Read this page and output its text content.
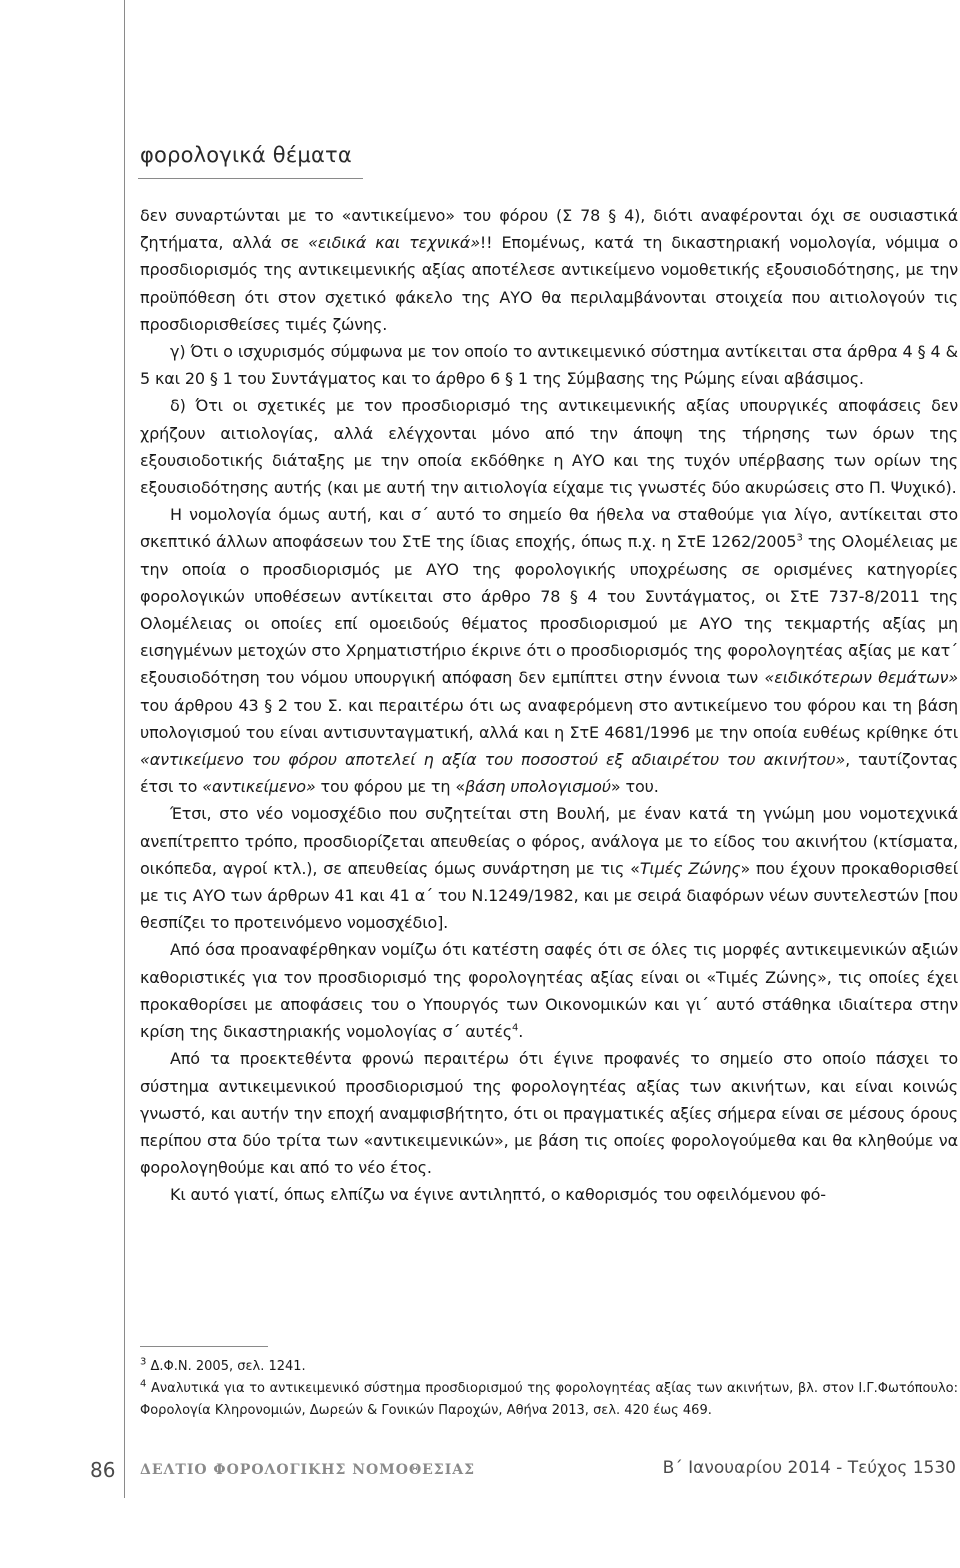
φορολογικά θέματα

δεν συναρτώνται με το «αντικείμενο» του φόρου (Σ 78 § 4), διότι αναφέρονται όχι σε ουσιαστικά ζητήματα, αλλά σε «ειδικά και τεχνικά»!! Επομένως, κατά τη δικαστηριακή νομολογία, νόμιμα ο προσδιορισμός της αντικειμενικής αξίας αποτέλεσε αντικείμενο νομοθετικής εξουσιοδότησης, με την προϋπόθεση ότι στον σχετικό φάκελο της ΑΥΟ θα περιλαμβάνονται στοιχεία που αιτιολογούν τις προσδιορισθείσες τιμές ζώνης.

γ) Ότι ο ισχυρισμός σύμφωνα με τον οποίο το αντικειμενικό σύστημα αντίκειται στα άρθρα 4 § 4 & 5 και 20 § 1 του Συντάγματος και το άρθρο 6 § 1 της Σύμβασης της Ρώμης είναι αβάσιμος.

δ) Ότι οι σχετικές με τον προσδιορισμό της αντικειμενικής αξίας υπουργικές αποφάσεις δεν χρήζουν αιτιολογίας, αλλά ελέγχονται μόνο από την άποψη της τήρησης των όρων της εξουσιοδοτικής διάταξης με την οποία εκδόθηκε η ΑΥΟ και της τυχόν υπέρβασης των ορίων της εξουσιοδότησης αυτής (και με αυτή την αιτιολογία είχαμε τις γνωστές δύο ακυρώσεις στο Π. Ψυχικό).

Η νομολογία όμως αυτή, και σ΄ αυτό το σημείο θα ήθελα να σταθούμε για λίγο, αντίκειται στο σκεπτικό άλλων αποφάσεων του ΣτΕ της ίδιας εποχής, όπως π.χ. η ΣτΕ 1262/2005$^3$ της Ολομέλειας με την οποία ο προσδιορισμός με ΑΥΟ της φορολογικής υποχρέωσης σε ορισμένες κατηγορίες φορολογικών υποθέσεων αντίκειται στο άρθρο 78 § 4 του Συντάγματος, οι ΣτΕ 737-8/2011 της Ολομέλειας οι οποίες επί ομοειδούς θέματος προσδιορισμού με ΑΥΟ της τεκμαρτής αξίας μη εισηγμένων μετοχών στο Χρηματιστήριο έκρινε ότι ο προσδιορισμός της φορολογητέας αξίας με κατ΄ εξουσιοδότηση του νόμου υπουργική απόφαση δεν εμπίπτει στην έννοια των «ειδικότερων θεμάτων» του άρθρου 43 § 2 του Σ. και περαιτέρω ότι ως αναφερόμενη στο αντικείμενο του φόρου και τη βάση υπολογισμού του είναι αντισυνταγματική, αλλά και η ΣτΕ 4681/1996 με την οποία ευθέως κρίθηκε ότι «αντικείμενο του φόρου αποτελεί η αξία του ποσοστού εξ αδιαιρέτου του ακινήτου», ταυτίζοντας έτσι το «αντικείμενο» του φόρου με τη «βάση υπολογισμού» του.

Έτσι, στο νέο νομοσχέδιο που συζητείται στη Βουλή, με έναν κατά τη γνώμη μου νομοτεχνικά ανεπίτρεπτο τρόπο, προσδιορίζεται απευθείας ο φόρος, ανάλογα με το είδος του ακινήτου (κτίσματα, οικόπεδα, αγροί κτλ.), σε απευθείας όμως συνάρτηση με τις «Τιμές Ζώνης» που έχουν προκαθορισθεί με τις ΑΥΟ των άρθρων 41 και 41 α΄ του Ν.1249/1982, και με σειρά διαφόρων νέων συντελεστών [που θεσπίζει το προτεινόμενο νομοσχέδιο].

Από όσα προαναφέρθηκαν νομίζω ότι κατέστη σαφές ότι σε όλες τις μορφές αντικειμενικών αξιών καθοριστικές για τον προσδιορισμό της φορολογητέας αξίας είναι οι «Τιμές Ζώνης», τις οποίες έχει προκαθορίσει με αποφάσεις του ο Υπουργός των Οικονομικών και γι΄ αυτό στάθηκα ιδιαίτερα στην κρίση της δικαστηριακής νομολογίας σ΄ αυτές$^4$.

Από τα προεκτεθέντα φρονώ περαιτέρω ότι έγινε προφανές το σημείο στο οποίο πάσχει το σύστημα αντικειμενικού προσδιορισμού της φορολογητέας αξίας των ακινήτων, και είναι κοινώς γνωστό, και αυτήν την εποχή αναμφισβήτητο, ότι οι πραγματικές αξίες σήμερα είναι σε μέσους όρους περίπου στα δύο τρίτα των «αντικειμενικών», με βάση τις οποίες φορολογούμεθα και θα κληθούμε να φορολογηθούμε και από το νέο έτος.

Κι αυτό γιατί, όπως ελπίζω να έγινε αντιληπτό, ο καθορισμός του οφειλόμενου φό-

$^3$ Δ.Φ.Ν. 2005, σελ. 1241.

$^4$ Αναλυτικά για το αντικειμενικό σύστημα προσδιορισμού της φορολογητέας αξίας των ακινήτων, βλ. στον Ι.Γ.Φωτόπουλο: Φορολογία Κληρονομιών, Δωρεών & Γονικών Παροχών, Αθήνα 2013, σελ. 420 έως 469.

86 ΔΕΛΤΙΟ ΦΟΡΟΛΟΓΙΚΗΣ ΝΟΜΟΘΕΣΙΑΣ	Β΄ Ιανουαρίου 2014 - Τεύχος 1530
